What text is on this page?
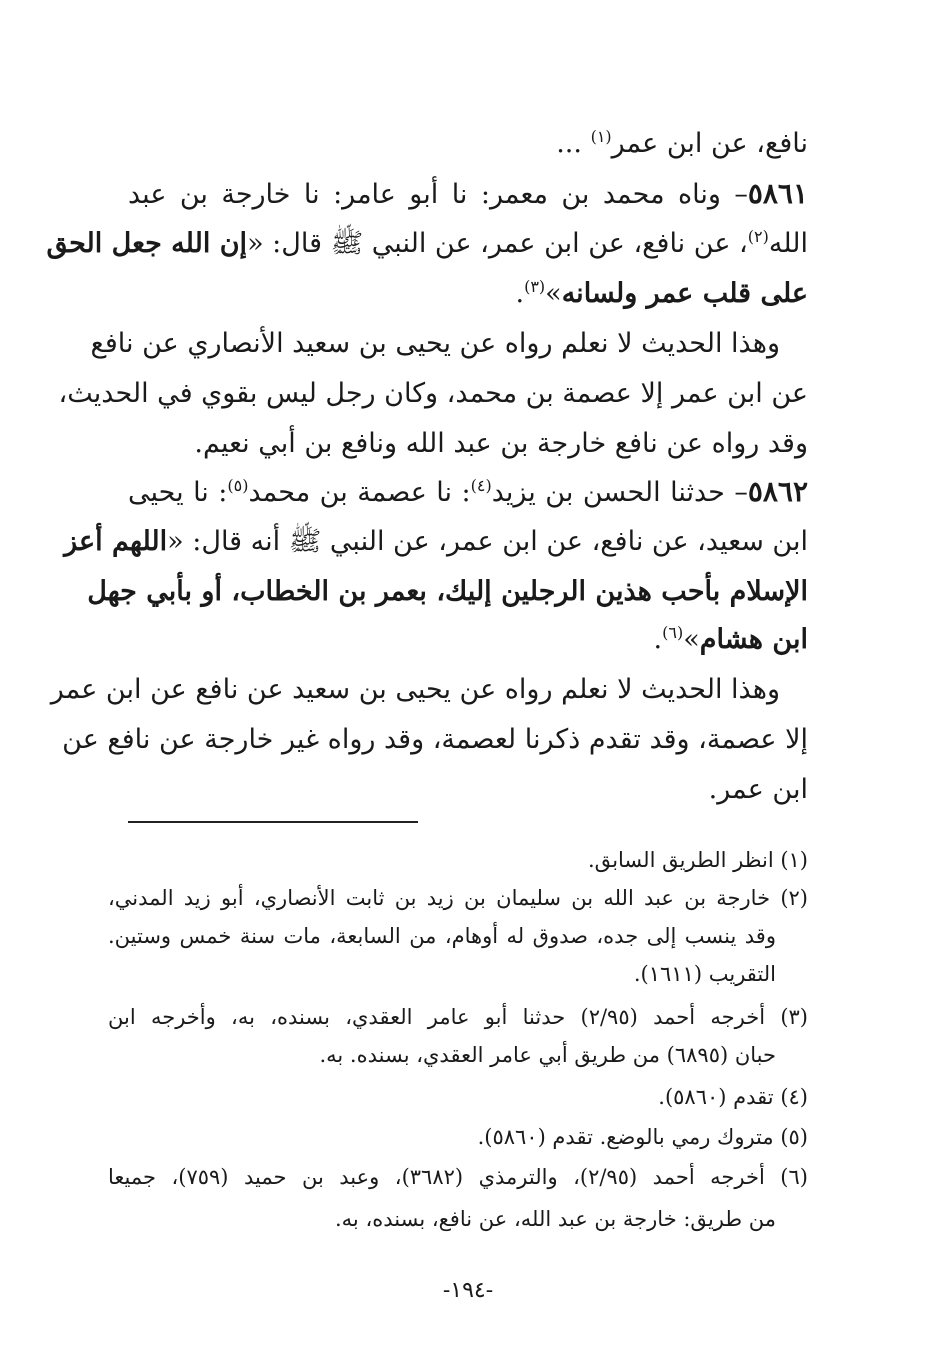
نافع، عن ابن عمر$^{(١)}$ ...
٥٨٦١– وناه محمد بن معمر: نا أبو عامر: نا خارجة بن عبد
الله$^{(٢)}$، عن نافع، عن ابن عمر، عن النبي ﷺ قال: «إن الله جعل الحق
على قلب عمر ولسانه»$^{(٣)}$.
وهذا الحديث لا نعلم رواه عن يحيى بن سعيد الأنصاري عن نافع
عن ابن عمر إلا عصمة بن محمد، وكان رجل ليس بقوي في الحديث،
وقد رواه عن نافع خارجة بن عبد الله ونافع بن أبي نعيم.
٥٨٦٢– حدثنا الحسن بن يزيد$^{(٤)}$: نا عصمة بن محمد$^{(٥)}$: نا يحيى
ابن سعيد، عن نافع، عن ابن عمر، عن النبي ﷺ أنه قال: «اللهم أعز
الإسلام بأحب هذين الرجلين إليك، بعمر بن الخطاب، أو بأبي جهل
ابن هشام»$^{(٦)}$.
وهذا الحديث لا نعلم رواه عن يحيى بن سعيد عن نافع عن ابن عمر
إلا عصمة، وقد تقدم ذكرنا لعصمة، وقد رواه غير خارجة عن نافع عن
ابن عمر.
(١) انظر الطريق السابق.
(٢) خارجة بن عبد الله بن سليمان بن زيد بن ثابت الأنصاري، أبو زيد المدني،
وقد ينسب إلى جده، صدوق له أوهام، من السابعة، مات سنة خمس وستين.
التقريب (١٦١١).
(٣) أخرجه أحمد (٢/٩٥) حدثنا أبو عامر العقدي، بسنده، به، وأخرجه ابن
حبان (٦٨٩٥) من طريق أبي عامر العقدي، بسنده. به.
(٤) تقدم (٥٨٦٠).
(٥) متروك رمي بالوضع. تقدم (٥٨٦٠).
(٦) أخرجه أحمد (٢/٩٥)، والترمذي (٣٦٨٢)، وعبد بن حميد (٧٥٩)، جميعا
من طريق: خارجة بن عبد الله، عن نافع، بسنده، به.
-١٩٤-
